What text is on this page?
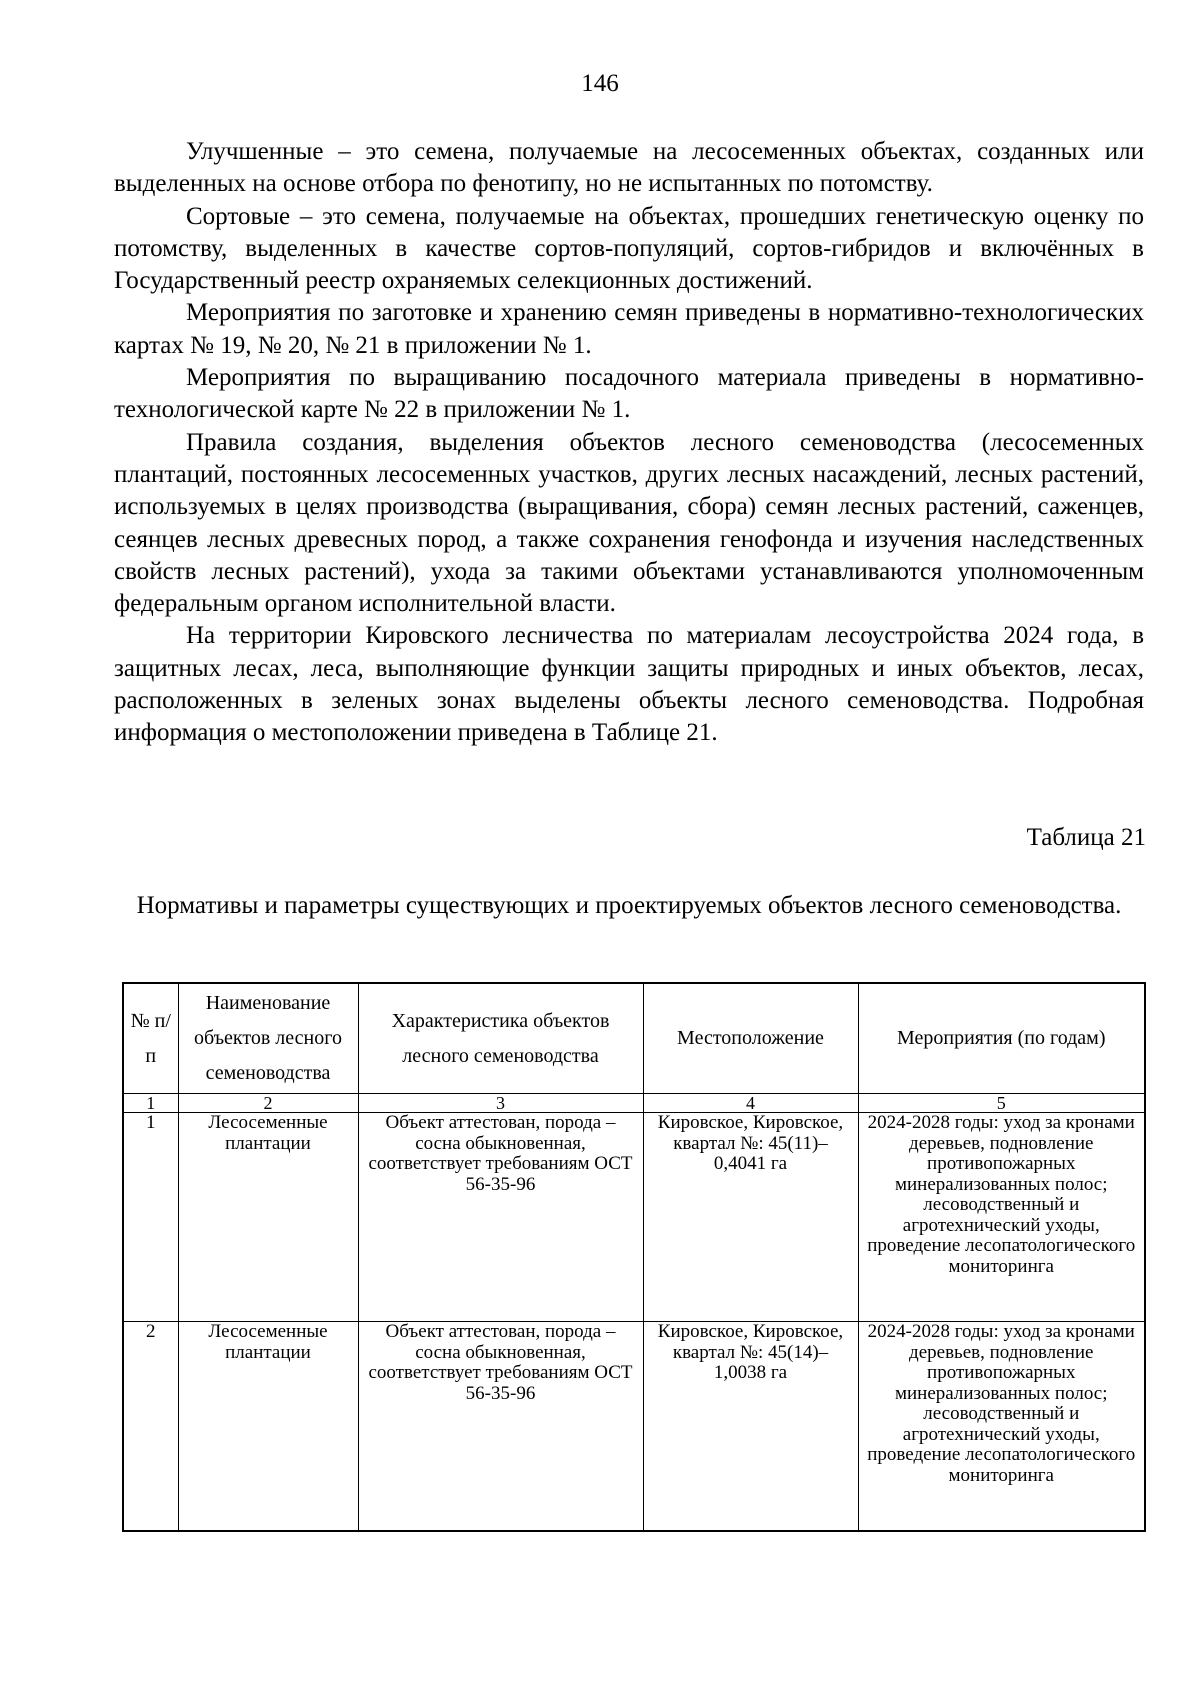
146

Улучшенные – это семена, получаемые на лесосеменных объектах, созданных или выделенных на основе отбора по фенотипу, но не испытанных по потомству.

Сортовые – это семена, получаемые на объектах, прошедших генетическую оценку по потомству, выделенных в качестве сортов-популяций, сортов-гибридов и включённых в Государственный реестр охраняемых селекционных достижений.

Мероприятия по заготовке и хранению семян приведены в нормативно-технологических картах № 19, № 20, № 21 в приложении № 1.

Мероприятия по выращиванию посадочного материала приведены в нормативно-технологической карте № 22 в приложении № 1.

Правила создания, выделения объектов лесного семеноводства (лесосеменных плантаций, постоянных лесосеменных участков, других лесных насаждений, лесных растений, используемых в целях производства (выращивания, сбора) семян лесных растений, саженцев, сеянцев лесных древесных пород, а также сохранения генофонда и изучения наследственных свойств лесных растений), ухода за такими объектами устанавливаются уполномоченным федеральным органом исполнительной власти.

На территории Кировского лесничества по материалам лесоустройства 2024 года, в защитных лесах, леса, выполняющие функции защиты природных и иных объектов, лесах, расположенных в зеленых зонах выделены объекты лесного семеноводства. Подробная информация о местоположении приведена в Таблице 21.

Таблица 21
Нормативы и параметры существующих и проектируемых объектов лесного семеноводства.
№ п/п	Наименование объектов лесного семеноводства	Характеристика объектов лесного семеноводства	Местоположение	Мероприятия (по годам)
1	2	3	4	5
1	Лесосеменные плантации	Объект аттестован, порода – сосна обыкновенная, соответствует требованиям ОСТ 56-35-96	Кировское, Кировское, квартал №: 45(11)– 0,4041 га	2024-2028 годы: уход за кронами деревьев, подновление противопожарных минерализованных полос; лесоводственный и агротехнический уходы, проведение лесопатологического мониторинга
2	Лесосеменные плантации	Объект аттестован, порода – сосна обыкновенная, соответствует требованиям ОСТ 56-35-96	Кировское, Кировское, квартал №: 45(14)– 1,0038 га	2024-2028 годы: уход за кронами деревьев, подновление противопожарных минерализованных полос; лесоводственный и агротехнический уходы, проведение лесопатологического мониторинга
